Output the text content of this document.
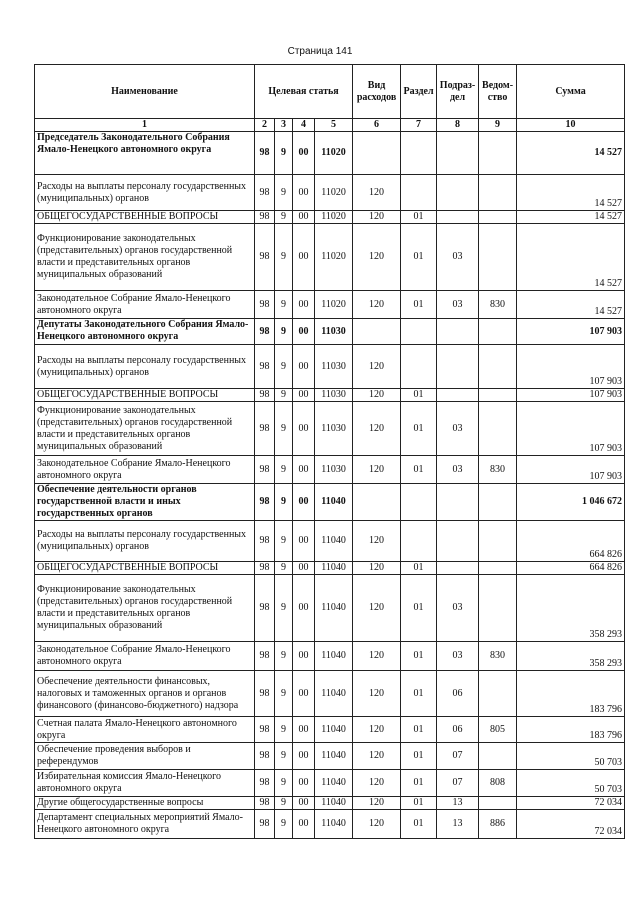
Страница 141
Наименование	Целевая статья				Вид расходов	Раздел	Подраз-дел	Ведом-ство	Сумма
1	2	3	4	5	6	7	8	9	10
Председатель Законодательного Собрания Ямало-Ненецкого автономного округа	98	9	00	11020					14 527
Расходы на выплаты персоналу государственных (муниципальных) органов	98	9	00	11020	120				14 527
ОБЩЕГОСУДАРСТВЕННЫЕ ВОПРОСЫ	98	9	00	11020	120	01			14 527
Функционирование законодательных (представительных) органов государственной власти и представительных органов муниципальных образований	98	9	00	11020	120	01	03		14 527
Законодательное Собрание Ямало-Ненецкого автономного округа	98	9	00	11020	120	01	03	830	14 527
Депутаты Законодательного Собрания Ямало-Ненецкого автономного округа	98	9	00	11030					107 903
Расходы на выплаты персоналу государственных (муниципальных) органов	98	9	00	11030	120				107 903
ОБЩЕГОСУДАРСТВЕННЫЕ ВОПРОСЫ	98	9	00	11030	120	01			107 903
Функционирование законодательных (представительных) органов государственной власти и представительных органов муниципальных образований	98	9	00	11030	120	01	03		107 903
Законодательное Собрание Ямало-Ненецкого автономного округа	98	9	00	11030	120	01	03	830	107 903
Обеспечение деятельности органов государственной власти и иных государственных органов	98	9	00	11040					1 046 672
Расходы на выплаты персоналу государственных (муниципальных) органов	98	9	00	11040	120				664 826
ОБЩЕГОСУДАРСТВЕННЫЕ ВОПРОСЫ	98	9	00	11040	120	01			664 826
Функционирование законодательных (представительных) органов государственной власти и представительных органов муниципальных образований	98	9	00	11040	120	01	03		358 293
Законодательное Собрание Ямало-Ненецкого автономного округа	98	9	00	11040	120	01	03	830	358 293
Обеспечение деятельности финансовых, налоговых и таможенных органов и органов финансового (финансово-бюджетного) надзора	98	9	00	11040	120	01	06		183 796
Счетная палата Ямало-Ненецкого автономного округа	98	9	00	11040	120	01	06	805	183 796
Обеспечение проведения выборов и референдумов	98	9	00	11040	120	01	07		50 703
Избирательная комиссия Ямало-Ненецкого автономного округа	98	9	00	11040	120	01	07	808	50 703
Другие общегосударственные вопросы	98	9	00	11040	120	01	13		72 034
Департамент специальных мероприятий Ямало-Ненецкого автономного округа	98	9	00	11040	120	01	13	886	72 034
